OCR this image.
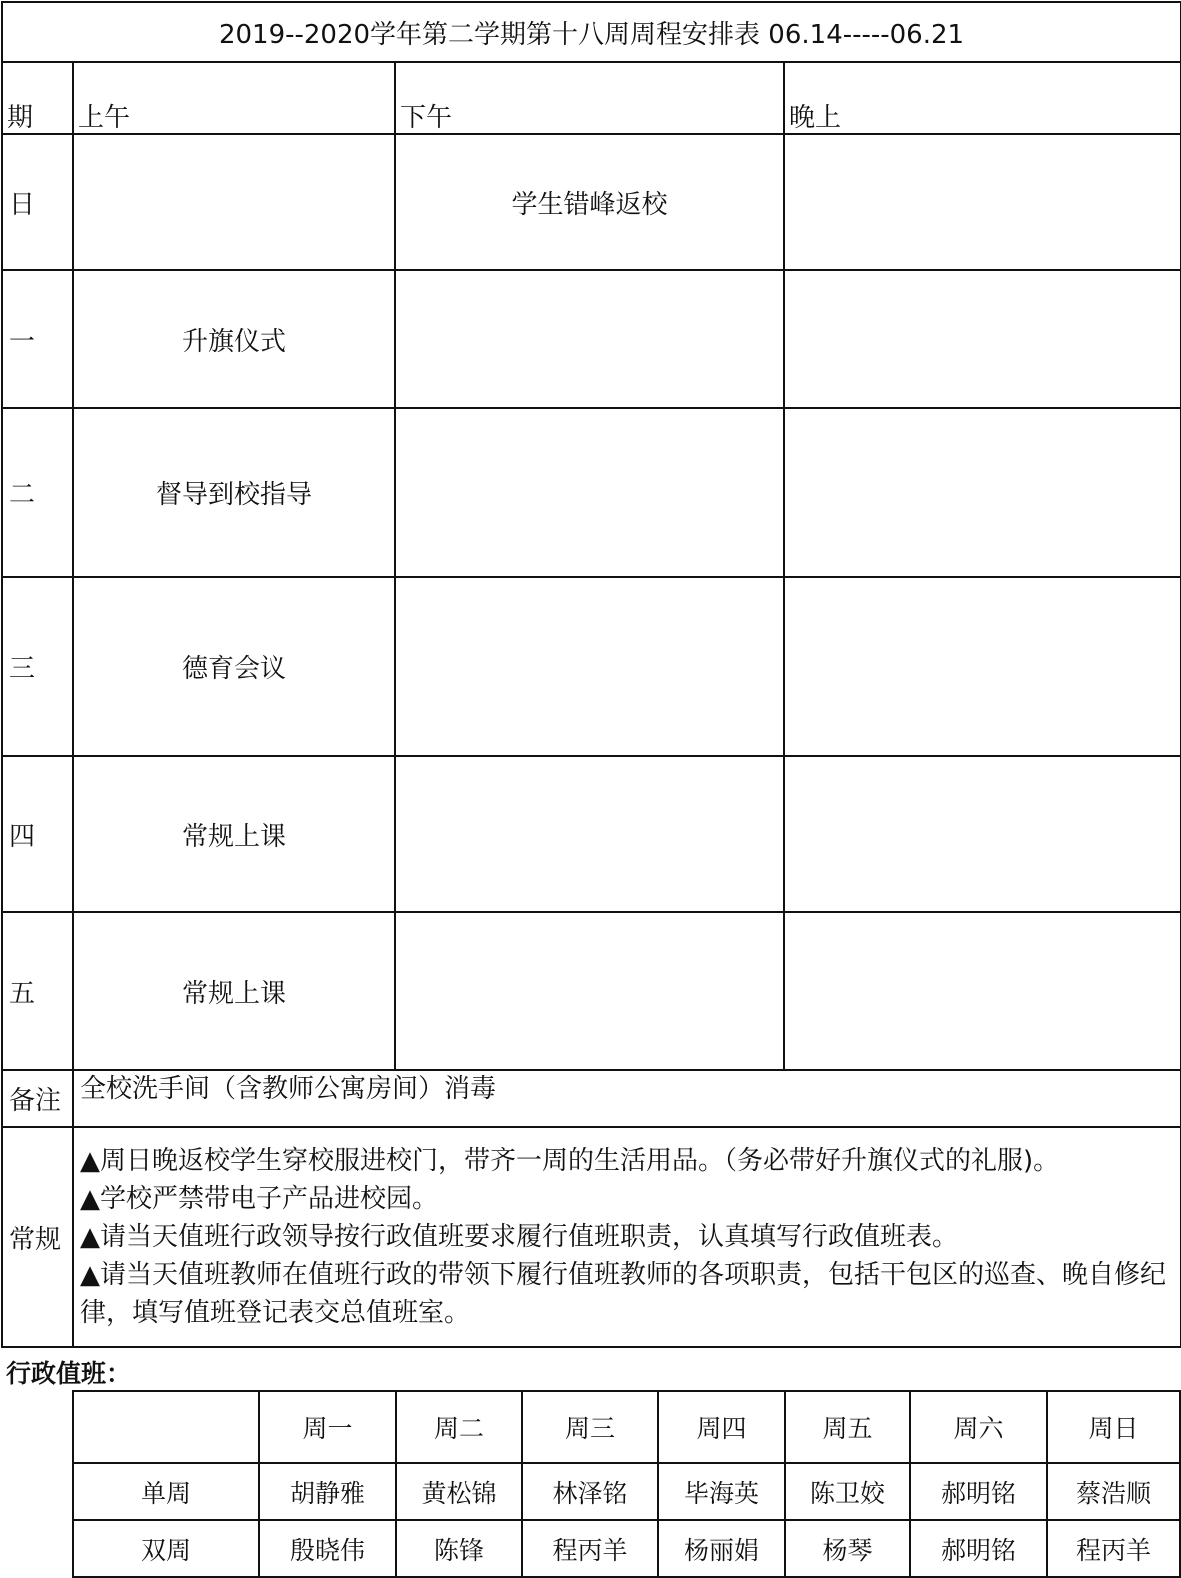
2019--2020学年第二学期第十八周周程安排表 06.14-----06.21			

期	上午	下午	晚上

日		学生错峰返校	
一	升旗仪式		
二	督导到校指导		
三	德育会议		
四	常规上课		
五	常规上课		
备注	全校洗手间（含教师公寓房间）消毒		
常规	▲周日晚返校学生穿校服进校门，带齐一周的生活用品。（务必带好升旗仪式的礼服)。
▲学校严禁带电子产品进校园。
▲请当天值班行政领导按行政值班要求履行值班职责，认真填写行政值班表。
▲请当天值班教师在值班行政的带领下履行值班教师的各项职责，包括干包区的巡查、晚自修纪律，填写值班登记表交总值班室。		
行政值班：
	周一	周二	周三	周四	周五	周六	周日
单周	胡静雅	黄松锦	林泽铭	毕海英	陈卫姣	郝明铭	蔡浩顺
双周	殷晓伟	陈锋	程丙羊	杨丽娟	杨琴	郝明铭	程丙羊
